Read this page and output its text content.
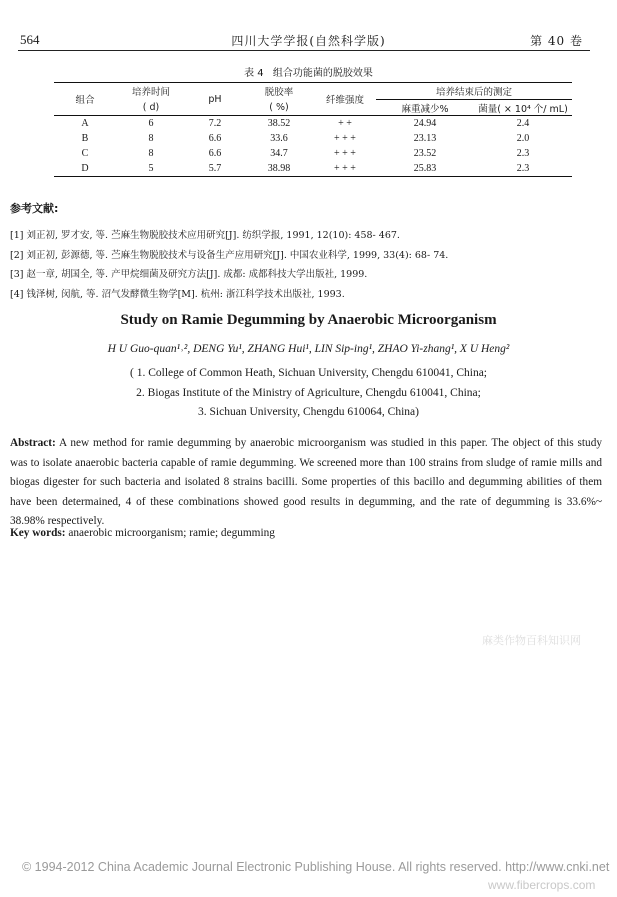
564	四川大学学报(自然科学版)	第 40 卷
表 4 组合功能菌的脱胶效果
组合	培养时间	pH	脱胶率	纤维强度	培养结束后的测定	
	( d)		( %)		麻重减少%	菌量( × 10⁴ 个/ mL)
A	6	7.2	38.52	+ +	24.94	2.4
B	8	6.6	33.6	+ + +	23.13	2.0
C	8	6.6	34.7	+ + +	23.52	2.3
D	5	5.7	38.98	+ + +	25.83	2.3
参考文献:
[1] 刘正初, 罗才安, 等. 苎麻生物脱胶技术应用研究[J]. 纺织学报, 1991, 12(10): 458- 467.
[2] 刘正初, 彭源德, 等. 苎麻生物脱胶技术与设备生产应用研究[J]. 中国农业科学, 1999, 33(4): 68- 74.
[3] 赵一章, 胡国全, 等. 产甲烷细菌及研究方法[J]. 成都: 成都科技大学出版社, 1999.
[4] 钱泽树, 闵航, 等. 沼气发酵微生物学[M]. 杭州: 浙江科学技术出版社, 1993.
Study on Ramie Degumming by Anaerobic Microorganism
H U Guo-quan¹˒², DENG Yu¹, ZHANG Hui¹, LIN Sip-ing¹, ZHAO Yi-zhang¹, X U Heng²
( 1. College of Common Heath, Sichuan University, Chengdu 610041, China;
2. Biogas Institute of the Ministry of Agriculture, Chengdu 610041, China;
3. Sichuan University, Chengdu 610064, China)
Abstract: A new method for ramie degumming by anaerobic microorganism was studied in this paper. The object of this study was to isolate anaerobic bacteria capable of ramie degumming. We screened more than 100 strains from sludge of ramie mills and biogas digester for such bacteria and isolated 8 strains bacilli. Some properties of this bacillo and degumming abilities of them have been determained, 4 of these combinations showed good results in degumming, and the rate of degumming is 33.6%~ 38.98% respectively.
Key words: anaerobic microorganism; ramie; degumming
麻类作物百科知识网
© 1994-2012 China Academic Journal Electronic Publishing House. All rights reserved. http://www.cnki.net
www.fibercrops.com
